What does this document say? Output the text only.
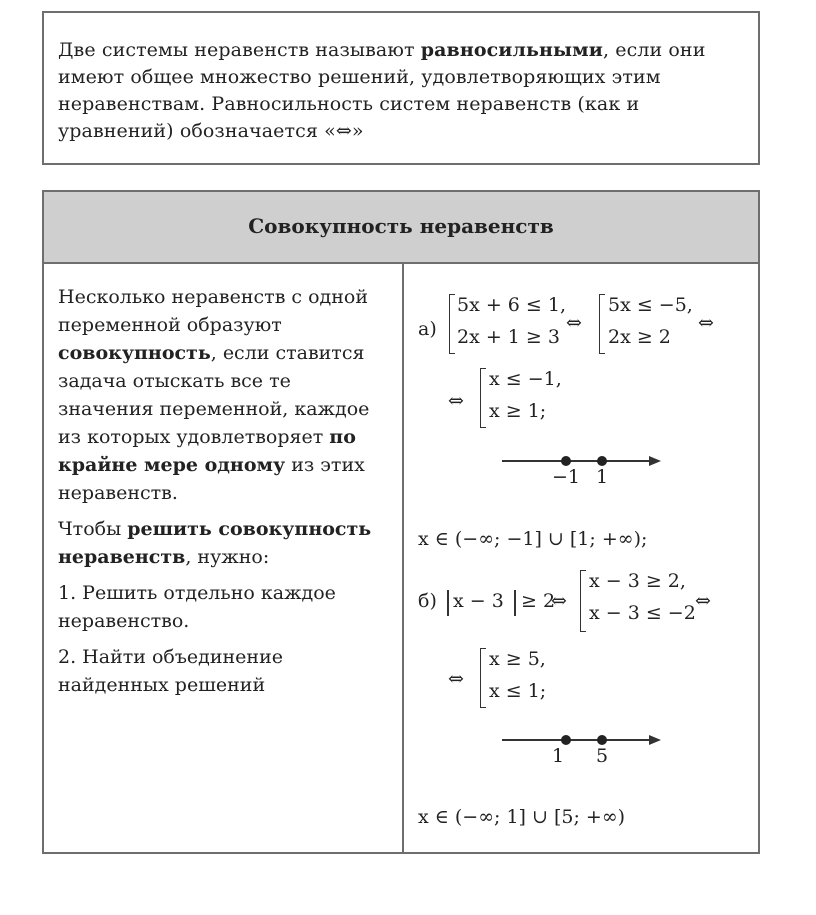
Две системы неравенств называют равносильными, если они имеют общее множество решений, удовлетворяющих этим неравенствам. Равносильность систем неравенств (как и уравнений) обозначается «⇔»

Совокупность неравенств

Несколько неравенств с одной переменной образуют совокупность, если ставится задача отыскать все те значения переменной, каждое из которых удовлетворяет по крайне мере одному из этих неравенств.

Чтобы решить совокупность неравенств, нужно:

1. Решить отдельно каждое неравенство.

2. Найти объединение найденных решений

а)
5x + 6 ≤ 1,
2x + 1 ≥ 3
⇔
5x ≤ −5,
2x ≥ 2
⇔
⇔
x ≤ −1,
x ≥ 1;
−1 1
x ∈ (−∞; −1] ∪ [1; +∞);
б) x − 3 ≥ 2
⇔
x − 3 ≥ 2,
x − 3 ≤ −2
⇔
⇔
x ≥ 5,
x ≤ 1;
1	5
x ∈ (−∞; 1] ∪ [5; +∞)
